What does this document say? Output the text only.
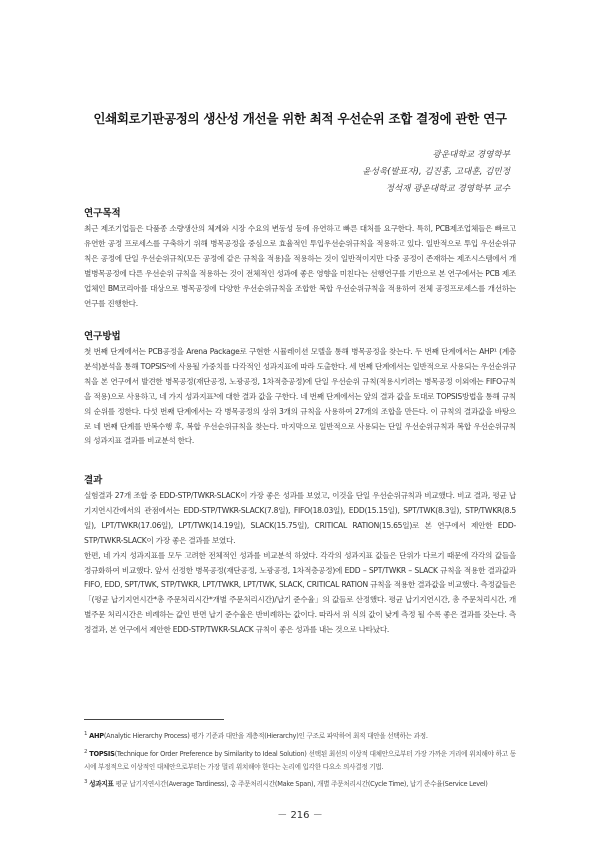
인쇄회로기판공정의 생산성 개선을 위한 최적 우선순위 조합 결정에 관한 연구
광운대학교 경영학부
윤성욱(발표자), 김진홍, 고대훈, 김민정
정석재 광운대학교 경영학부 교수
연구목적

최근 제조기업들은 다품종 소량생산의 체계와 시장 수요의 변동성 등에 유연하고 빠른 대처를 요구한다. 특히, PCB제조업체들은 빠르고 유연한 공정 프로세스를 구축하기 위해 병목공정을 중심으로 효율적인 투입우선순위규칙을 적용하고 있다. 일반적으로 투입 우선순위규칙은 공정에 단일 우선순위규칙(모든 공정에 같은 규칙을 적용)을 적용하는 것이 일반적이지만 다중 공정이 존재하는 제조시스템에서 개별병목공정에 다른 우선순위 규칙을 적용하는 것이 전체적인 성과에 좋은 영향을 미친다는 선행연구를 기반으로 본 연구에서는 PCB 제조업체인 BM코리아를 대상으로 병목공정에 다양한 우선순위규칙을 조합한 복합 우선순위규칙을 적용하여 전체 공정프로세스를 개선하는 연구를 진행한다.

연구방법

첫 번째 단계에서는 PCB공정을 Arena Package로 구현한 시뮬레이션 모델을 통해 병목공정을 찾는다. 두 번째 단계에서는 AHP¹ (계층분석)분석을 통해 TOPSIS²에 사용될 가중치를 다각적인 성과지표에 따라 도출한다. 세 번째 단계에서는 일반적으로 사용되는 우선순위규칙을 본 연구에서 발견한 병목공정(재단공정, 노광공정, 1차적층공정)에 단일 우선순위 규칙(적용시키려는 병목공정 이외에는 FIFO규칙을 적용)으로 사용하고, 네 가지 성과지표³에 대한 결과 값을 구한다. 네 번째 단계에서는 앞의 결과 값을 토대로 TOPSIS방법을 통해 규칙의 순위를 정한다. 다섯 번째 단계에서는 각 병목공정의 상위 3개의 규칙을 사용하여 27개의 조합을 만든다. 이 규칙의 결과값을 바탕으로 네 번째 단계를 반복수행 후, 복합 우선순위규칙을 찾는다. 마지막으로 일반적으로 사용되는 단일 우선순위규칙과 복합 우선순위규칙의 성과지표 결과를 비교분석 한다.

결과

실험결과 27개 조합 중 EDD-STP/TWKR-SLACK이 가장 좋은 성과를 보였고, 이것을 단일 우선순위규칙과 비교했다. 비교 결과, 평균 납기지연시간에서의 관점에서는 EDD-STP/TWKR-SLACK(7.8일), FIFO(18.03일), EDD(15.15일), SPT/TWK(8.3일), STP/TWKR(8.5일), LPT/TWKR(17.06일), LPT/TWK(14.19일), SLACK(15.75일), CRITICAL RATION(15.65일)로 본 연구에서 제안한 EDD-STP/TWKR-SLACK이 가장 좋은 결과를 보였다.

한편, 네 가지 성과지표를 모두 고려한 전체적인 성과를 비교분석 하였다. 각각의 성과지표 값들은 단위가 다르기 때문에 각각의 값들을 정규화하여 비교했다. 앞서 선정한 병목공정(재단공정, 노광공정, 1차적층공정)에 EDD – SPT/TWKR – SLACK 규칙을 적용한 결과값과 FIFO, EDD, SPT/TWK, STP/TWKR, LPT/TWKR, LPT/TWK, SLACK, CRITICAL RATION 규칙을 적용한 결과값을 비교했다. 측정값들은 「(평균 납기지연시간*총 주문처리시간*개별 주문처리시간)/납기 준수율」의 값들로 산정했다. 평균 납기지연시간, 총 주문처리시간, 개별주문 처리시간은 비례하는 값인 반면 납기 준수율은 반비례하는 값이다. 따라서 위 식의 값이 낮게 측정 될 수록 좋은 결과를 갖는다. 측정결과, 본 연구에서 제안한 EDD-STP/TWKR-SLACK 규칙이 좋은 성과를 내는 것으로 나타났다.

$^1$ AHP(Analytic Hierarchy Process) 평가 기준과 대안을 계층적(Hierarchy)인 구조로 파악하여 최적 대안을 선택하는 과정.
$^2$ TOPSIS(Technique for Order Preference by Similarity to Ideal Solution) 선택된 최선의 이상적 대체안으로부터 가장 가까운 거리에 위치해야 하고 동시에 부정적으로 이상적인 대체안으로부터는 가장 멀리 위치해야 한다는 논리에 입각한 다요소 의사결정 기법.
$^3$ 성과지표 평균 납기지연시간(Average Tardiness), 총 주문처리시간(Make Span), 개별 주문처리시간(Cycle Time), 납기 준수율(Service Level)
－ 216 －
